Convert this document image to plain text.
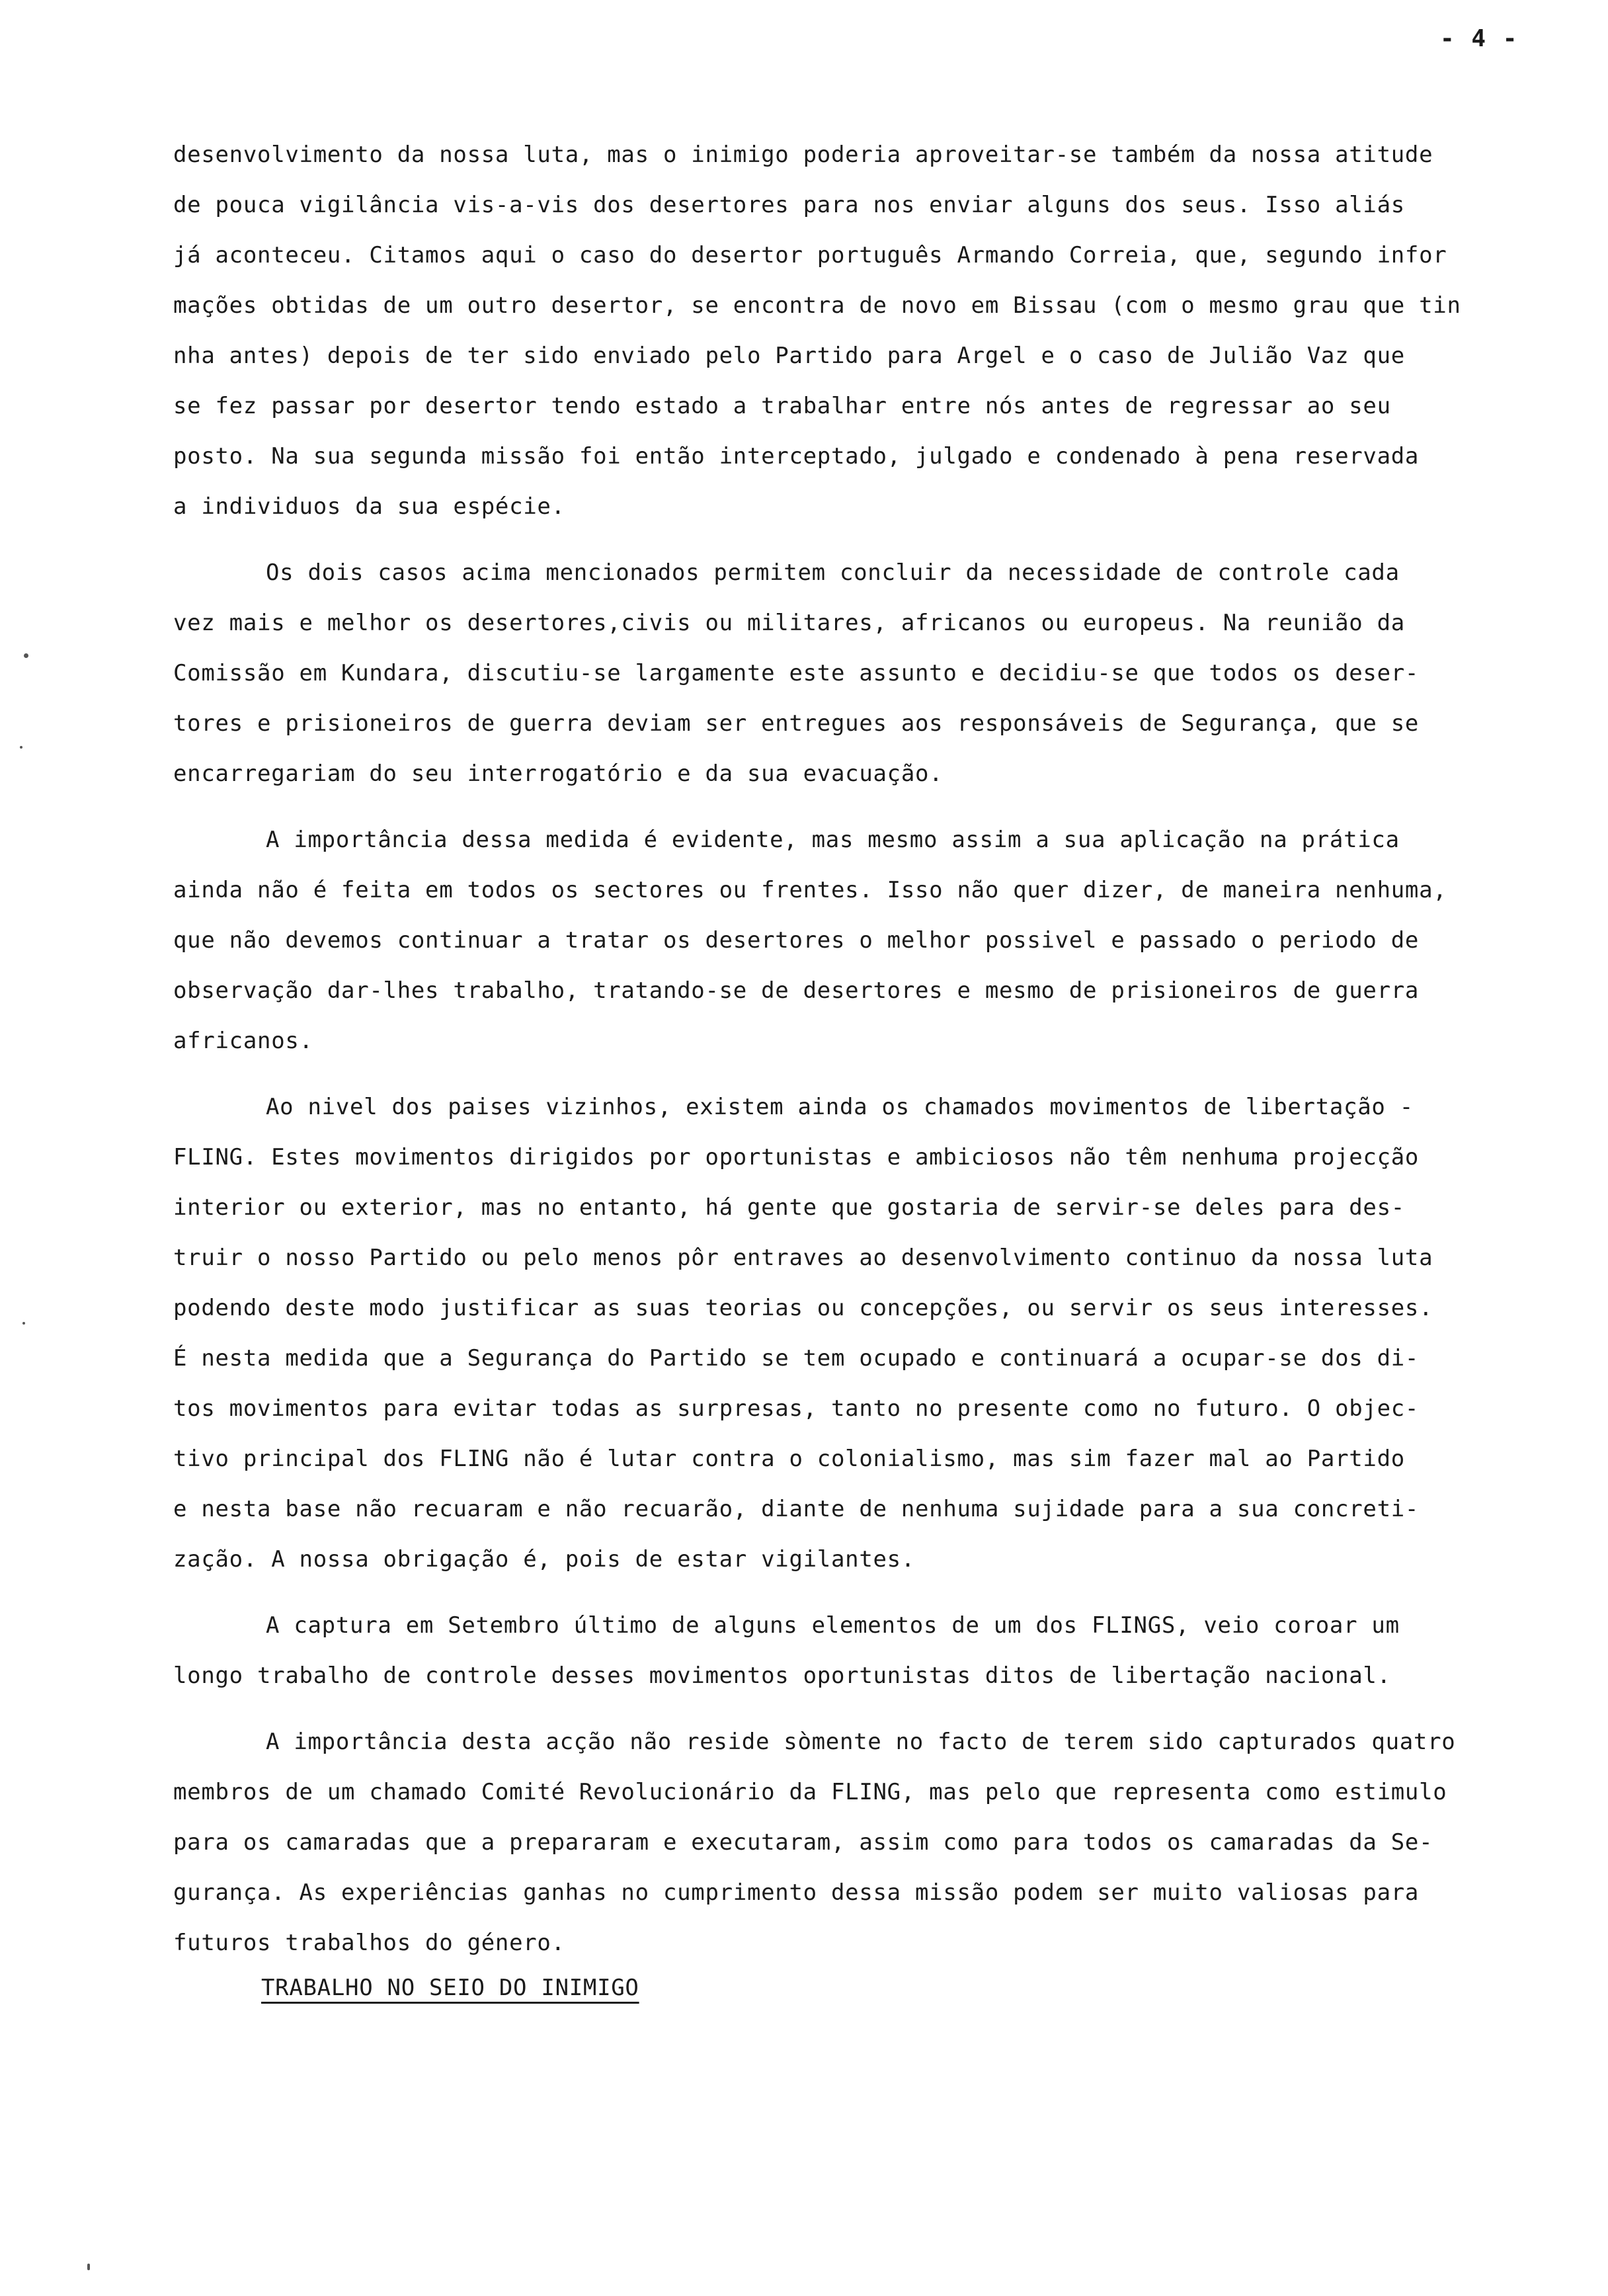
- 4 -
desenvolvimento da nossa luta, mas o inimigo poderia aproveitar-se também da nossa atitude
de pouca vigilância vis-a-vis dos desertores para nos enviar alguns dos seus. Isso aliás
já aconteceu. Citamos aqui o caso do desertor português Armando Correia, que, segundo infor
mações obtidas de um outro desertor, se encontra de novo em Bissau (com o mesmo grau que tin
nha antes) depois de ter sido enviado pelo Partido para Argel e o caso de Julião Vaz que
se fez passar por desertor tendo estado a trabalhar entre nós antes de regressar ao seu
posto. Na sua segunda missão foi então interceptado, julgado e condenado à pena reservada
a individuos da sua espécie.
Os dois casos acima mencionados permitem concluir da necessidade de controle cada
vez mais e melhor os desertores,civis ou militares, africanos ou europeus. Na reunião da
Comissão em Kundara, discutiu-se largamente este assunto e decidiu-se que todos os deser-
tores e prisioneiros de guerra deviam ser entregues aos responsáveis de Segurança, que se
encarregariam do seu interrogatório e da sua evacuação.
A importância dessa medida é evidente, mas mesmo assim a sua aplicação na prática
ainda não é feita em todos os sectores ou frentes. Isso não quer dizer, de maneira nenhuma,
que não devemos continuar a tratar os desertores o melhor possivel e passado o periodo de
observação dar-lhes trabalho, tratando-se de desertores e mesmo de prisioneiros de guerra
africanos.
Ao nivel dos paises vizinhos, existem ainda os chamados movimentos de libertação -
FLING. Estes movimentos dirigidos por oportunistas e ambiciosos não têm nenhuma projecção
interior ou exterior, mas no entanto, há gente que gostaria de servir-se deles para des-
truir o nosso Partido ou pelo menos pôr entraves ao desenvolvimento continuo da nossa luta
podendo deste modo justificar as suas teorias ou concepções, ou servir os seus interesses.
É nesta medida que a Segurança do Partido se tem ocupado e continuará a ocupar-se dos di-
tos movimentos para evitar todas as surpresas, tanto no presente como no futuro. O objec-
tivo principal dos FLING não é lutar contra o colonialismo, mas sim fazer mal ao Partido
e nesta base não recuaram e não recuarão, diante de nenhuma sujidade para a sua concreti-
zação. A nossa obrigação é, pois de estar vigilantes.
A captura em Setembro último de alguns elementos de um dos FLINGS, veio coroar um
longo trabalho de controle desses movimentos oportunistas ditos de libertação nacional.
A importância desta acção não reside sòmente no facto de terem sido capturados quatro
membros de um chamado Comité Revolucionário da FLING, mas pelo que representa como estimulo
para os camaradas que a prepararam e executaram, assim como para todos os camaradas da Se-
gurança. As experiências ganhas no cumprimento dessa missão podem ser muito valiosas para
futuros trabalhos do género.
TRABALHO NO SEIO DO INIMIGO
